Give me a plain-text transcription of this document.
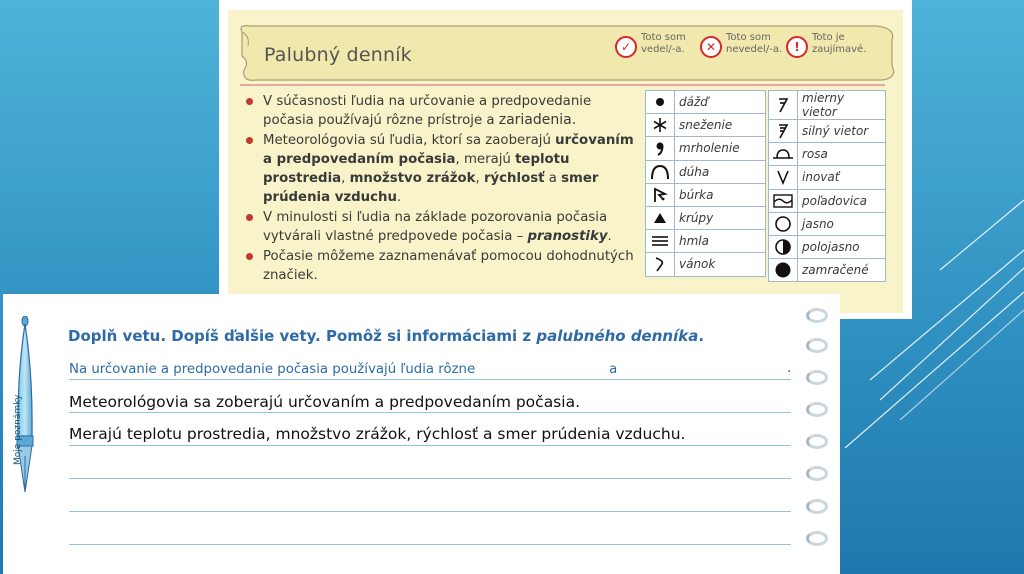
Palubný denník	✓
Toto som
vedel/-a.	✕
Toto som
nevedel/-a.	!
Toto je
zaujímavé.
V súčasnosti ľudia na určovanie a predpovedanie počasia používajú rôzne prístroje a zariadenia.
Meteorológovia sú ľudia, ktorí sa zaoberajú určovaním a predpovedaním počasia, merajú teplotu prostredia, množstvo zrážok, rýchlosť a smer prúdenia vzduchu.
V minulosti si ľudia na základe pozorovania počasia vytvárali vlastné predpovede počasia – pranostiky.
Počasie môžeme zaznamenávať pomocou dohodnutých značiek.
	dážď

	sneženie

	mrholenie

	dúha

	búrka

	krúpy

	hmla

	vánok
	mierny vietor

	silný vietor

	rosa

	inovať

	poľadovica

	jasno

	polojasno

	zamračené
Moje poznámky
Doplň vetu. Dopíš ďalšie vety. Pomôž si informáciami z palubného denníka.
Na určovanie a predpovedanie počasia používajú ľudia rôzne	a	.
Meteorológovia sa zoberajú určovaním a predpovedaním počasia.
Merajú teplotu prostredia, množstvo zrážok, rýchlosť a smer prúdenia vzduchu.
